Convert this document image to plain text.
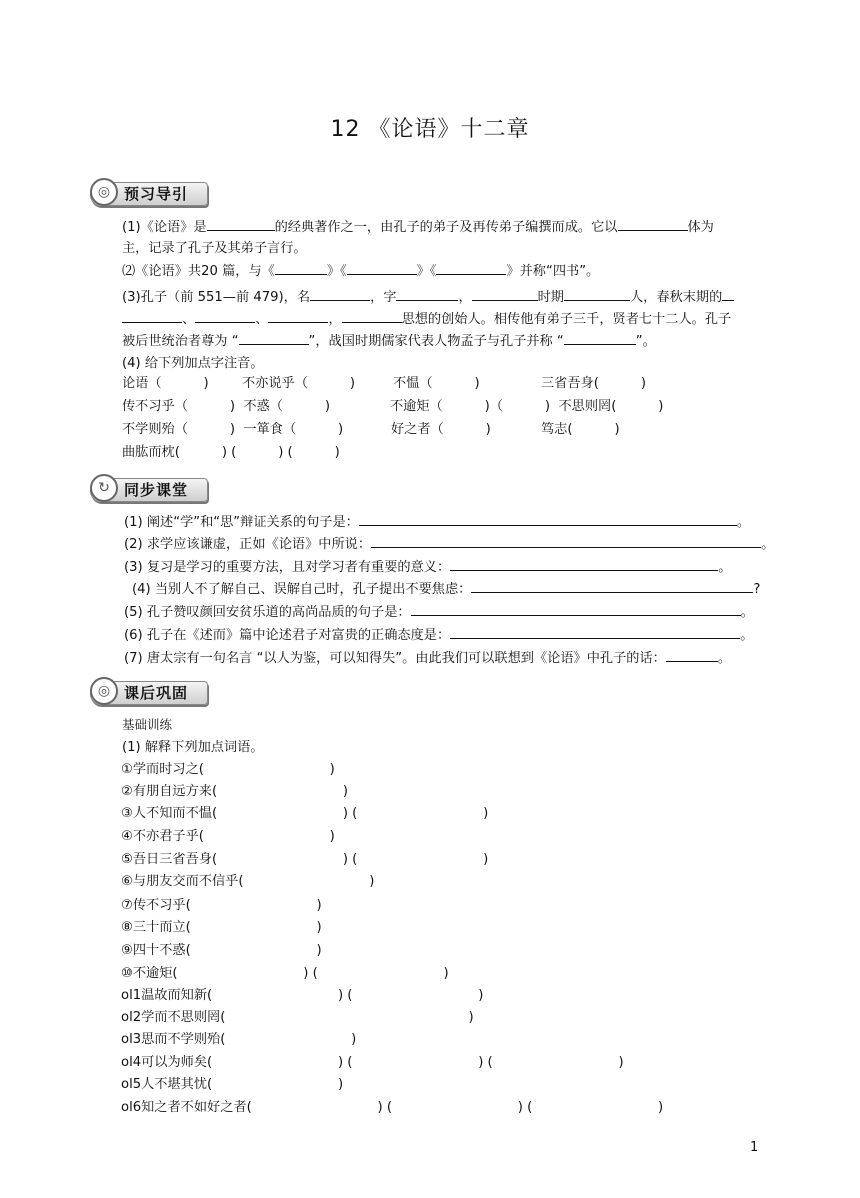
12 《论语》十二章
◎ 预习导引
(1)《论语》是	的经典著作之一，由孔子的弟子及再传弟子编撰而成。它以	体为
主，记录了孔子及其弟子言行。
⑵《论语》共20 篇，与《	》《	》《	》并称“四书”。
(3)孔子（前 551—前 479)，名	，字	，	时期	人，春秋末期的
、	、	，	思想的创始人。相传他有弟子三千，贤者七十二人。孔子
被后世统治者尊为 “	”，战国时期儒家代表人物孟子与孔子并称 “	”。
(4) 给下列加点字注音。
论语（          )	不亦说乎（          )	不愠（          )	三省吾身(          )
传不习乎（          )  不惑（          )	不逾矩（          )（          )  不思则罔(          )
不学则殆（          )  一箪食（          )	好之者（          )	笃志(          )
曲肱而枕(          ) (          ) (          )
↻ 同步课堂
(1) 阐述“学”和“思”辩证关系的句子是：	。
(2) 求学应该谦虚，正如《论语》中所说：	。
(3) 复习是学习的重要方法，且对学习者有重要的意义：	。
(4) 当别人不了解自己、误解自己时，孔子提出不要焦虑：	?
(5) 孔子赞叹颜回安贫乐道的高尚品质的句子是：	。
(6) 孔子在《述而》篇中论述君子对富贵的正确态度是：	。
(7) 唐太宗有一句名言 “以人为鉴，可以知得失”。由此我们可以联想到《论语》中孔子的话：	。
◎ 课后巩固
基础训练
(1) 解释下列加点词语。
①学而时习之(                              )
②有朋自远方来(                              )
③人不知而不愠(                              ) (                              )
④不亦君子乎(                              )
⑤吾日三省吾身(                              ) (                              )
⑥与朋友交而不信乎(                              )
⑦传不习乎(                              )
⑧三十而立(                              )
⑨四十不惑(                              )
⑩不逾矩(                              ) (                              )
ol1温故而知新(                              ) (                              )
ol2学而不思则罔(                                                          )
ol3思而不学则殆(                              )
ol4可以为师矣(                              ) (                              ) (                              )
ol5人不堪其忧(                              )
ol6知之者不如好之者(                              ) (                              ) (                              )
1
